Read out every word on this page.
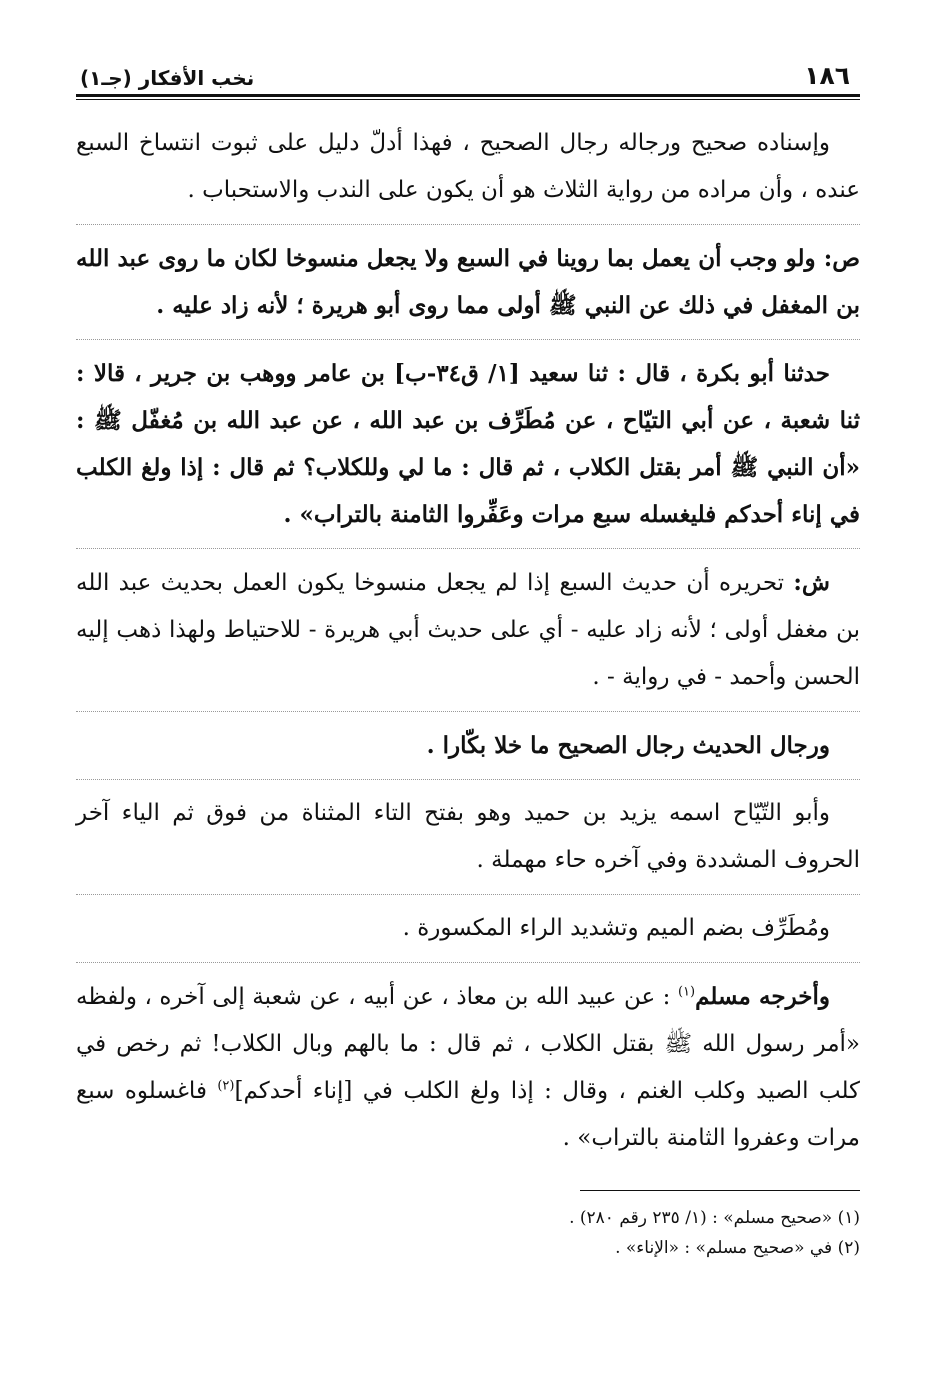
١٨٦
نخب الأفكار (جـ١)

وإسناده صحيح ورجاله رجال الصحيح ، فهذا أدلّ دليل على ثبوت انتساخ السبع عنده ، وأن مراده من رواية الثلاث هو أن يكون على الندب والاستحباب .

ص: ولو وجب أن يعمل بما روينا في السبع ولا يجعل منسوخا لكان ما روى عبد الله بن المغفل في ذلك عن النبي ﷺ أولى مما روى أبو هريرة ؛ لأنه زاد عليه .

حدثنا أبو بكرة ، قال : ثنا سعيد [١/ ق٣٤-ب] بن عامر ووهب بن جرير ، قالا : ثنا شعبة ، عن أبي التيّاح ، عن مُطَرِّف بن عبد الله ، عن عبد الله بن مُغفّل ﷺ : «أن النبي ﷺ أمر بقتل الكلاب ، ثم قال : ما لي وللكلاب؟ ثم قال : إذا ولغ الكلب في إناء أحدكم فليغسله سبع مرات وعَفِّروا الثامنة بالتراب» .

ش: تحريره أن حديث السبع إذا لم يجعل منسوخا يكون العمل بحديث عبد الله بن مغفل أولى ؛ لأنه زاد عليه - أي على حديث أبي هريرة - للاحتياط ولهذا ذهب إليه الحسن وأحمد - في رواية - .

ورجال الحديث رجال الصحيح ما خلا بكّارا .

وأبو التّيّاح اسمه يزيد بن حميد وهو بفتح التاء المثناة من فوق ثم الياء آخر الحروف المشددة وفي آخره حاء مهملة .

ومُطَرِّف بضم الميم وتشديد الراء المكسورة .

وأخرجه مسلم$^{(١)}$ : عن عبيد الله بن معاذ ، عن أبيه ، عن شعبة إلى آخره ، ولفظه «أمر رسول الله ﷺ بقتل الكلاب ، ثم قال : ما بالهم وبال الكلاب! ثم رخص في كلب الصيد وكلب الغنم ، وقال : إذا ولغ الكلب في [إناء أحدكم]$^{(٢)}$ فاغسلوه سبع مرات وعفروا الثامنة بالتراب» .

(١) «صحيح مسلم» : (١/ ٢٣٥ رقم ٢٨٠) .

(٢) في «صحيح مسلم» : «الإناء» .
